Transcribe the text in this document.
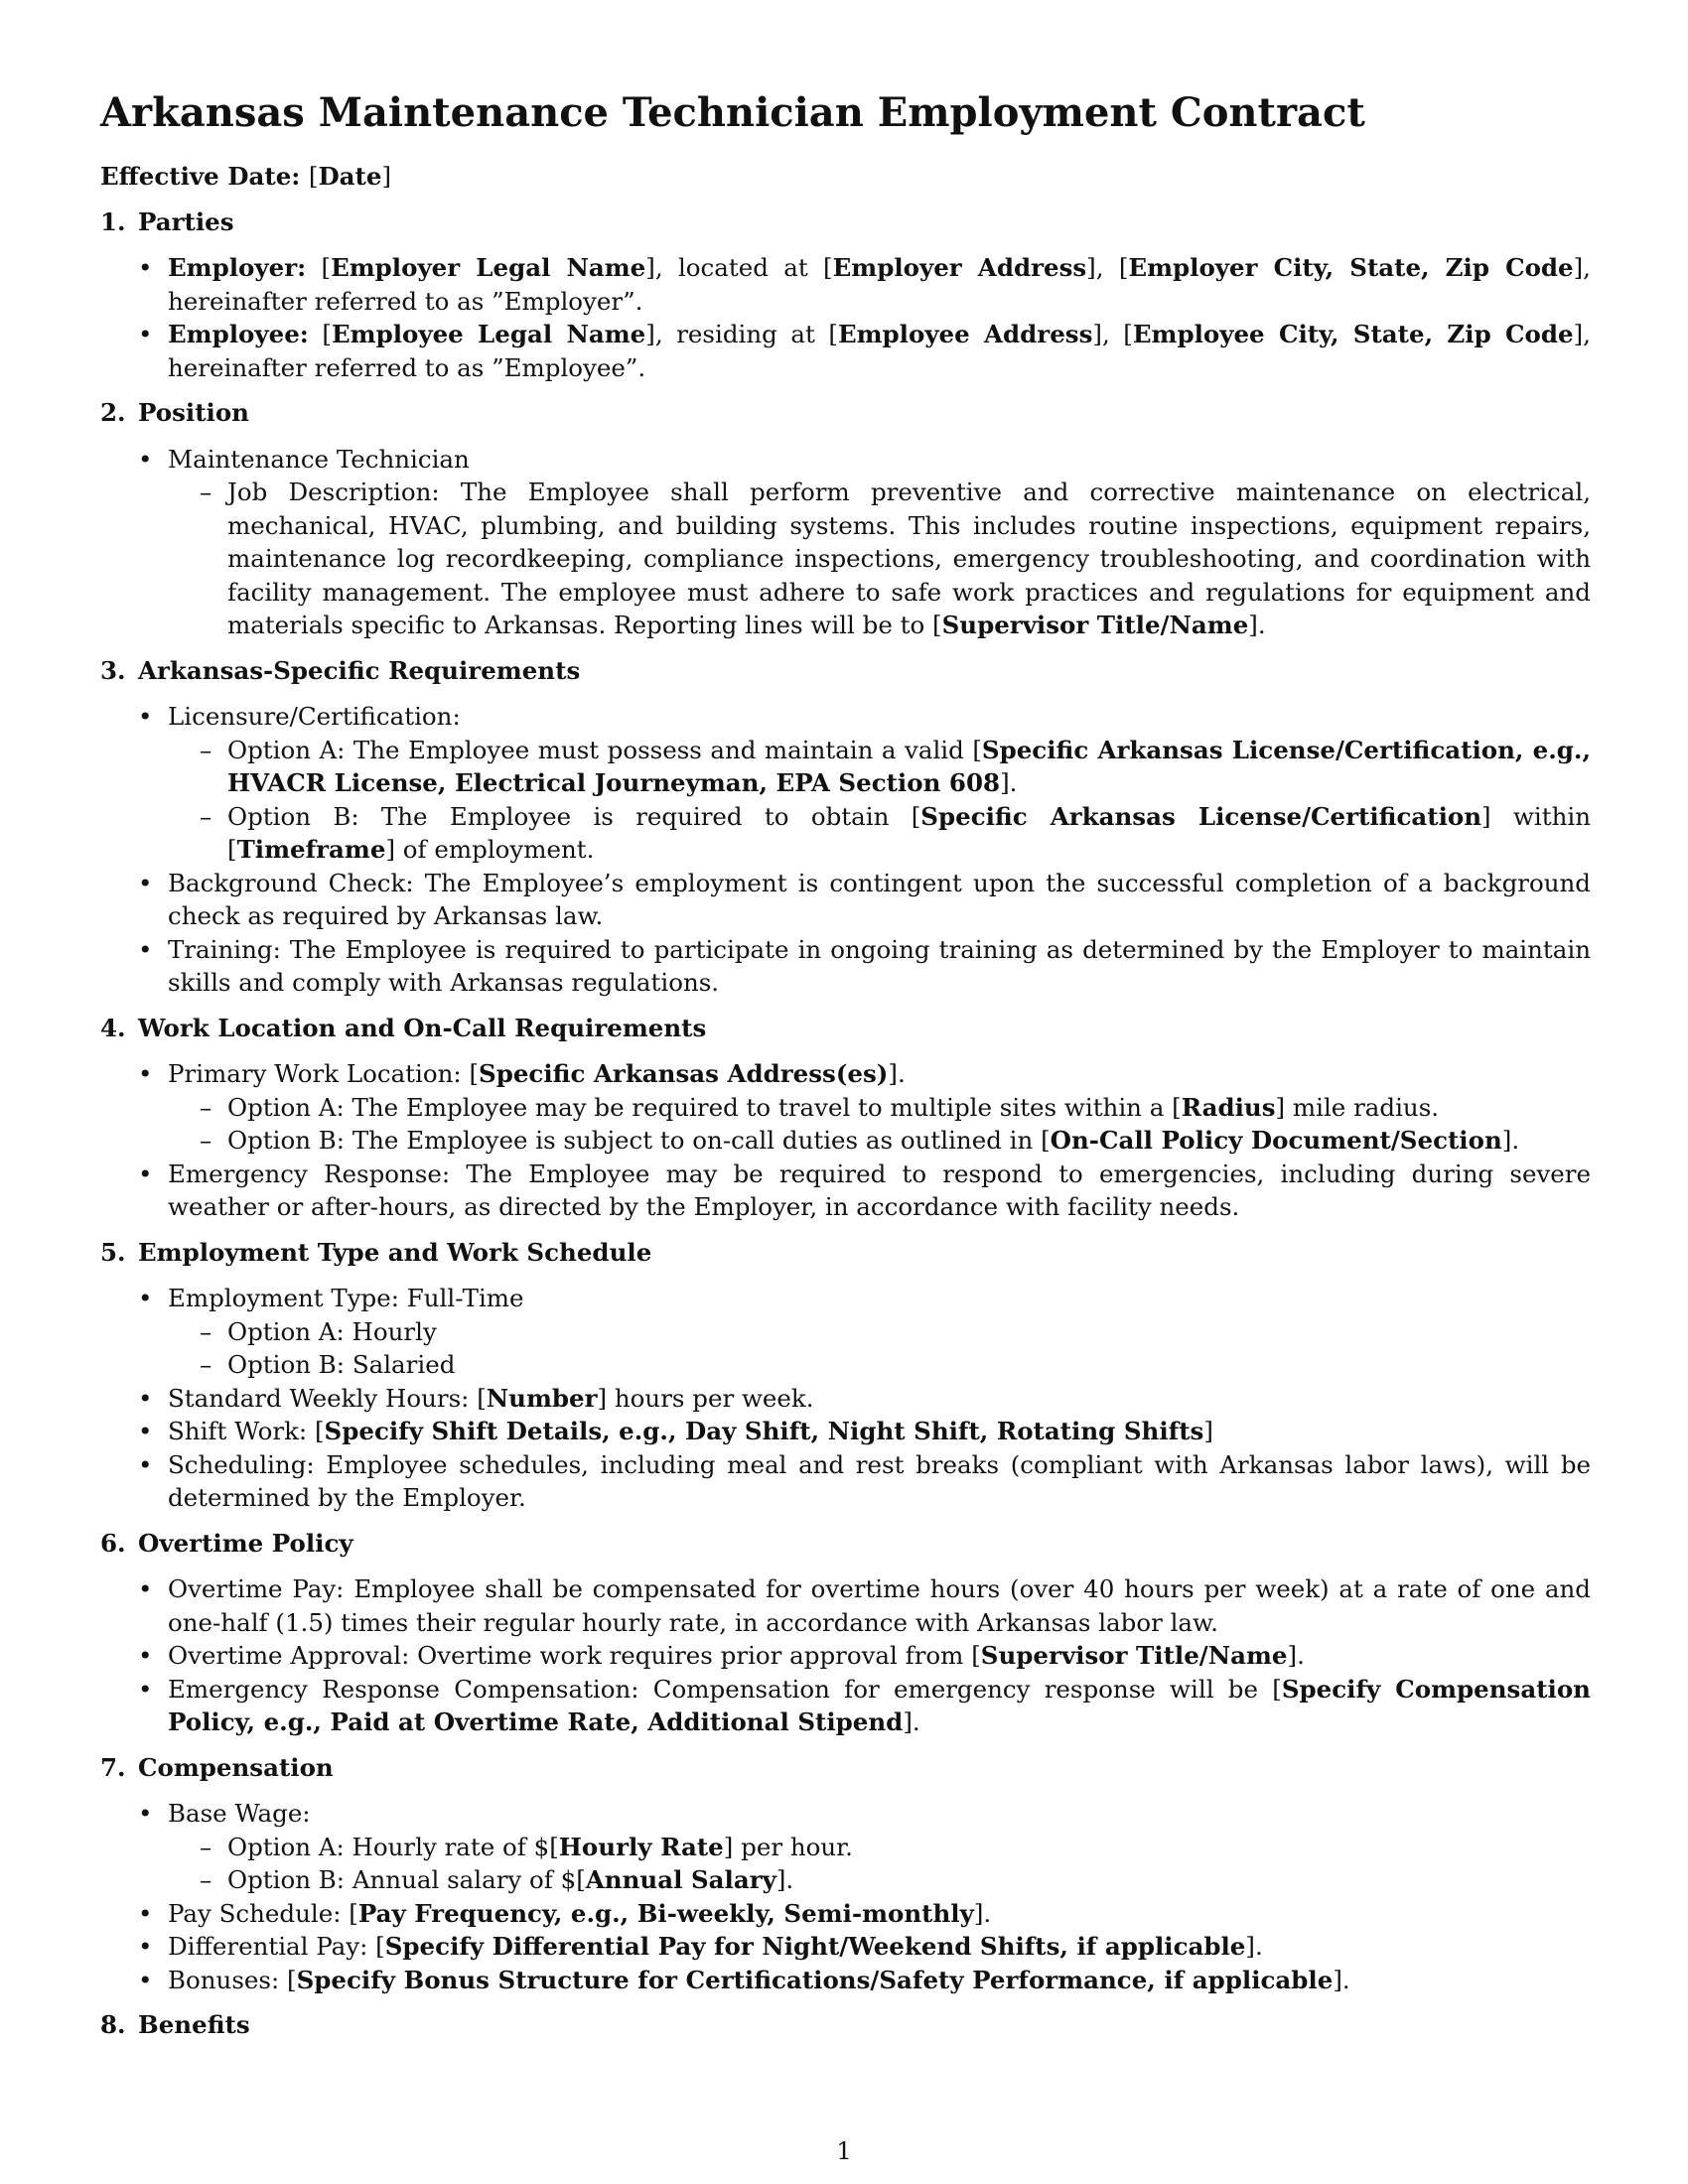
Arkansas Maintenance Technician Employment Contract
Effective Date: [Date]
1. Parties
• Employer: [Employer Legal Name], located at [Employer Address], [Employer City, State, Zip Code], hereinafter referred to as ”Employer”.
• Employee: [Employee Legal Name], residing at [Employee Address], [Employee City, State, Zip Code], hereinafter referred to as ”Employee”.
2. Position
• Maintenance Technician
– Job Description: The Employee shall perform preventive and corrective maintenance on electrical, mechanical, HVAC, plumbing, and building systems. This includes routine inspections, equipment repairs, maintenance log recordkeeping, compliance inspections, emergency troubleshooting, and coordination with facility management. The employee must adhere to safe work practices and regulations for equipment and materials specific to Arkansas. Reporting lines will be to [Supervisor Title/Name].
3. Arkansas-Specific Requirements
• Licensure/Certification:
– Option A: The Employee must possess and maintain a valid [Specific Arkansas License/Certification, e.g., HVACR License, Electrical Journeyman, EPA Section 608].
– Option B: The Employee is required to obtain [Specific Arkansas License/Certification] within [Timeframe] of employment.
• Background Check: The Employee’s employment is contingent upon the successful completion of a background check as required by Arkansas law.
• Training: The Employee is required to participate in ongoing training as determined by the Employer to maintain skills and comply with Arkansas regulations.
4. Work Location and On-Call Requirements
• Primary Work Location: [Specific Arkansas Address(es)].
– Option A: The Employee may be required to travel to multiple sites within a [Radius] mile radius.
– Option B: The Employee is subject to on-call duties as outlined in [On-Call Policy Document/Section].
• Emergency Response: The Employee may be required to respond to emergencies, including during severe weather or after-hours, as directed by the Employer, in accordance with facility needs.
5. Employment Type and Work Schedule
• Employment Type: Full-Time
– Option A: Hourly
– Option B: Salaried
• Standard Weekly Hours: [Number] hours per week.
• Shift Work: [Specify Shift Details, e.g., Day Shift, Night Shift, Rotating Shifts]
• Scheduling: Employee schedules, including meal and rest breaks (compliant with Arkansas labor laws), will be determined by the Employer.
6. Overtime Policy
• Overtime Pay: Employee shall be compensated for overtime hours (over 40 hours per week) at a rate of one and one-half (1.5) times their regular hourly rate, in accordance with Arkansas labor law.
• Overtime Approval: Overtime work requires prior approval from [Supervisor Title/Name].
• Emergency Response Compensation: Compensation for emergency response will be [Specify Compensation Policy, e.g., Paid at Overtime Rate, Additional Stipend].
7. Compensation
• Base Wage:
– Option A: Hourly rate of $[Hourly Rate] per hour.
– Option B: Annual salary of $[Annual Salary].
• Pay Schedule: [Pay Frequency, e.g., Bi-weekly, Semi-monthly].
• Differential Pay: [Specify Differential Pay for Night/Weekend Shifts, if applicable].
• Bonuses: [Specify Bonus Structure for Certifications/Safety Performance, if applicable].
8. Benefits
1
